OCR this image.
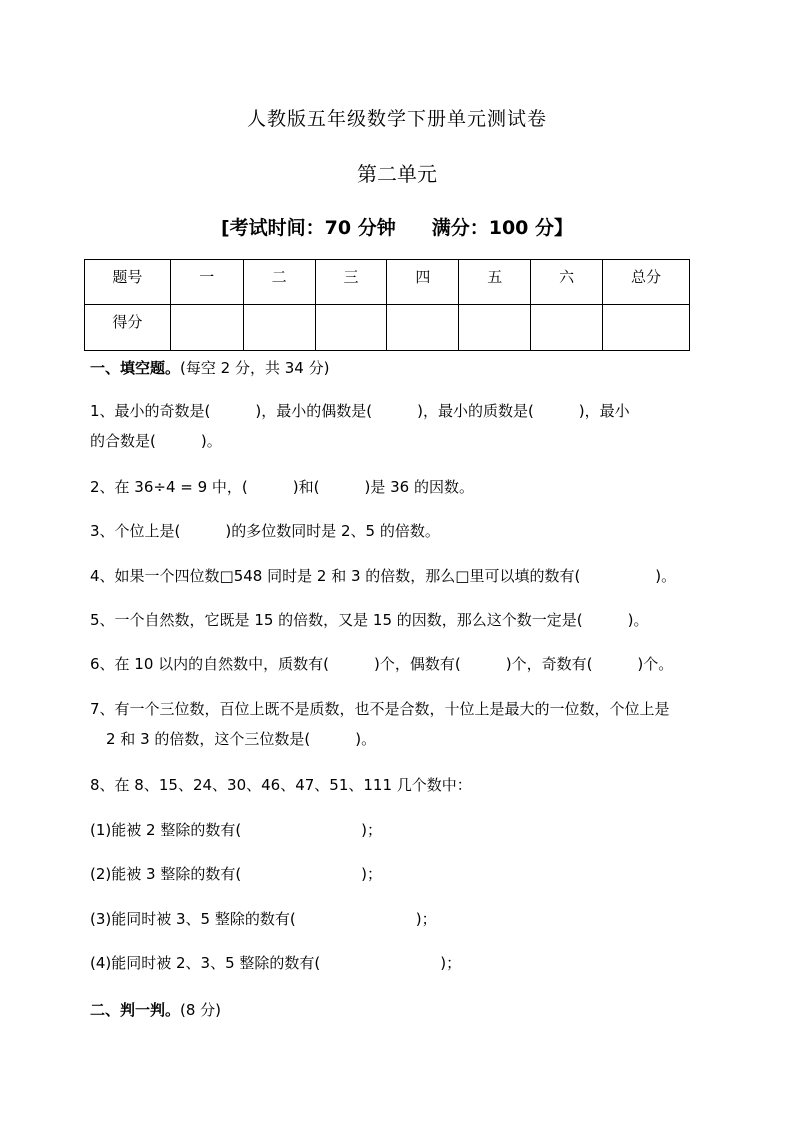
人教版五年级数学下册单元测试卷
第二单元
[考试时间：70 分钟 满分：100 分】
题号	一	二	三	四	五	六	总分
得分							
一、填空题。(每空 2 分，共 34 分)
1、最小的奇数是(　　　)，最小的偶数是(　　　)，最小的质数是(　　　)，最小
的合数是(　　　)。
2、在 36÷4 = 9 中，(　　　)和(　　　)是 36 的因数。
3、个位上是(　　　)的多位数同时是 2、5 的倍数。
4、如果一个四位数□548 同时是 2 和 3 的倍数，那么□里可以填的数有(　　　　　)。
5、一个自然数，它既是 15 的倍数，又是 15 的因数，那么这个数一定是(　　　)。
6、在 10 以内的自然数中，质数有(　　　)个，偶数有(　　　)个，奇数有(　　　)个。
7、有一个三位数，百位上既不是质数，也不是合数，十位上是最大的一位数，个位上是
2 和 3 的倍数，这个三位数是(　　　)。
8、在 8、15、24、30、46、47、51、111 几个数中：
(1)能被 2 整除的数有(　　　　　　　　)；
(2)能被 3 整除的数有(　　　　　　　　)；
(3)能同时被 3、5 整除的数有(　　　　　　　　)；
(4)能同时被 2、3、5 整除的数有(　　　　　　　　)；
二、判一判。(8 分)
